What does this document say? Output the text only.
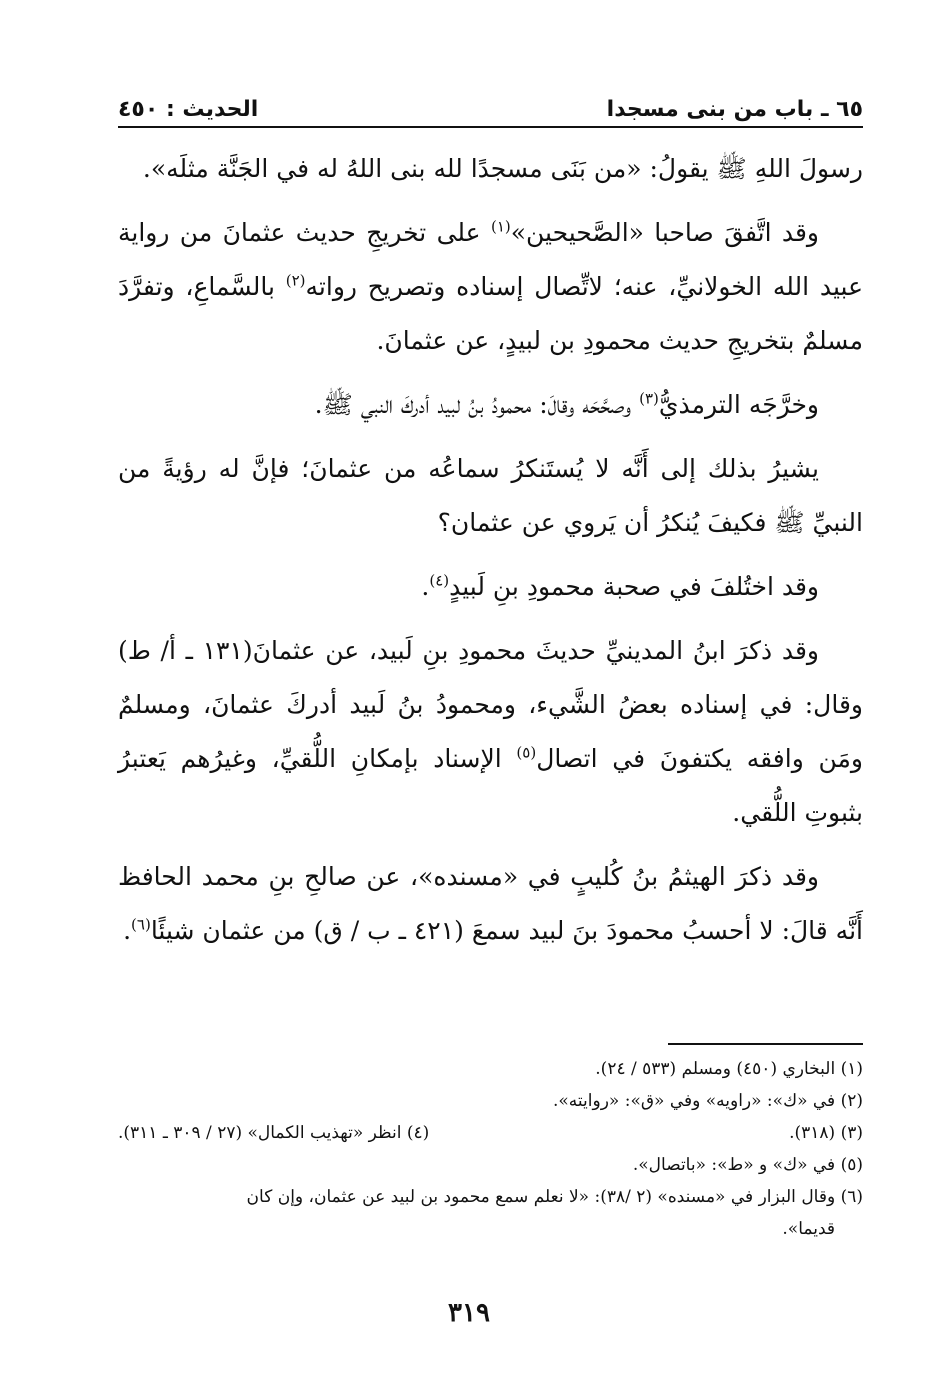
٦٥ ـ باب من بنى مسجدا
الحديث : ٤٥٠

رسولَ اللهِ ﷺ يقولُ: «من بَنَى مسجدًا لله بنى اللهُ له في الجَنَّة مثلَه».

وقد اتَّفقَ صاحبا «الصَّحيحين»$^{(١)}$ على تخريجِ حديث عثمانَ من رواية عبيد الله الخولانيِّ، عنه؛ لاتِّصال إسناده وتصريح رواته$^{(٢)}$ بالسَّماعِ، وتفرَّدَ مسلمٌ بتخريجِ حديث محمودِ بن لبيدٍ، عن عثمانَ.

وخرَّجَه الترمذيُّ$^{(٣)}$ وصحَّحَه وقالَ: محمودُ بنُ لبيد أدركَ النبي ﷺ.

يشيرُ بذلك إلى أَنَّه لا يُستَنكرُ سماعُه من عثمانَ؛ فإنَّ له رؤيةً من النبيِّ ﷺ فكيفَ يُنكرُ أن يَروي عن عثمان؟

وقد اختُلفَ في صحبة محمودِ بنِ لَبيدٍ$^{(٤)}$.

وقد ذكرَ ابنُ المدينيِّ حديثَ محمودِ بنِ لَبيد، عن عثمانَ(١٣١ ـ أ/ ط) وقال: في إسناده بعضُ الشَّيء، ومحمودُ بنُ لَبيد أدركَ عثمانَ، ومسلمٌ ومَن وافقه يكتفونَ في اتصال$^{(٥)}$ الإسناد بإمكانِ اللُّقيِّ، وغيرُهم يَعتبرُ بثبوتِ اللُّقي.

وقد ذكرَ الهيثمُ بنُ كُليبٍ في «مسنده»، عن صالحِ بنِ محمد الحافظ أَنَّه قالَ: لا أحسبُ محمودَ بنَ لبيد سمعَ (٤٢١ ـ ب / ق) من عثمان شيئًا$^{(٦)}$.

(١) البخاري (٤٥٠) ومسلم (٥٣٣ / ٢٤).

(٢) في «ك»: «راويه» وفي «ق»: «روايته».

(٣) (٣١٨).
(٤) انظر «تهذيب الكمال» (٢٧ / ٣٠٩ ـ ٣١١).

(٥) في «ك» و «ط»: «باتصال».

(٦) وقال البزار في «مسنده» (٢ /٣٨): «لا نعلم سمع محمود بن لبيد عن عثمان، وإن كان

قديما».

٣١٩
